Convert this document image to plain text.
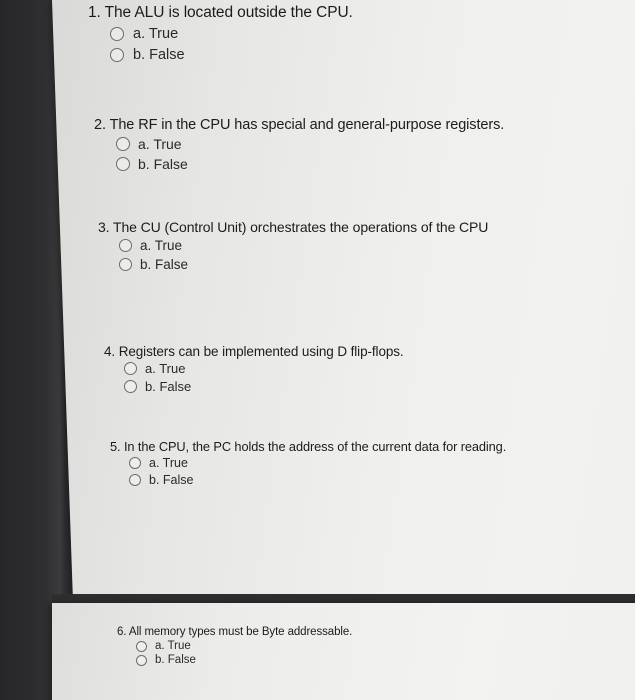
1. The ALU is located outside the CPU.
a. True
b. False
2. The RF in the CPU has special and general-purpose registers.
a. True
b. False
3. The CU (Control Unit) orchestrates the operations of the CPU
a. True
b. False
4. Registers can be implemented using D flip-flops.
a. True
b. False
5. In the CPU, the PC holds the address of the current data for reading.
a. True
b. False
6. All memory types must be Byte addressable.
a. True
b. False
